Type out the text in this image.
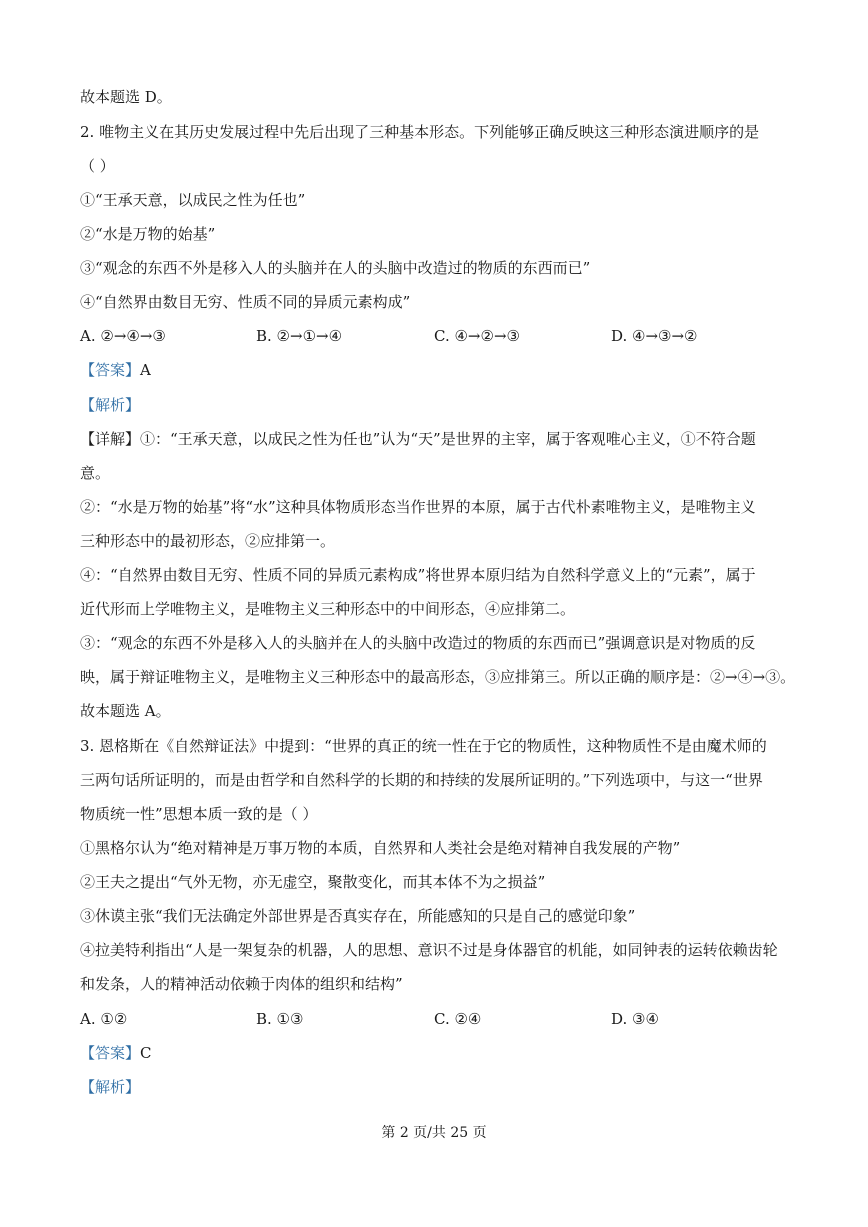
故本题选 D。
2. 唯物主义在其历史发展过程中先后出现了三种基本形态。下列能够正确反映这三种形态演进顺序的是
（ ）
①“王承天意，以成民之性为任也”
②“水是万物的始基”
③“观念的东西不外是移入人的头脑并在人的头脑中改造过的物质的东西而已”
④“自然界由数目无穷、性质不同的异质元素构成”
A. ②→④→③	B. ②→①→④	C. ④→②→③	D. ④→③→②
【答案】A
【解析】
【详解】①：“王承天意，以成民之性为任也”认为“天”是世界的主宰，属于客观唯心主义，①不符合题
意。
②：“水是万物的始基”将“水”这种具体物质形态当作世界的本原，属于古代朴素唯物主义，是唯物主义
三种形态中的最初形态，②应排第一。
④：“自然界由数目无穷、性质不同的异质元素构成”将世界本原归结为自然科学意义上的“元素”，属于
近代形而上学唯物主义，是唯物主义三种形态中的中间形态，④应排第二。
③：“观念的东西不外是移入人的头脑并在人的头脑中改造过的物质的东西而已”强调意识是对物质的反
映，属于辩证唯物主义，是唯物主义三种形态中的最高形态，③应排第三。所以正确的顺序是：②→④→③。
故本题选 A。
3. 恩格斯在《自然辩证法》中提到：“世界的真正的统一性在于它的物质性，这种物质性不是由魔术师的
三两句话所证明的，而是由哲学和自然科学的长期的和持续的发展所证明的。”下列选项中，与这一“世界
物质统一性”思想本质一致的是（ ）
①黑格尔认为“绝对精神是万事万物的本质，自然界和人类社会是绝对精神自我发展的产物”
②王夫之提出“气外无物，亦无虚空，聚散变化，而其本体不为之损益”
③休谟主张“我们无法确定外部世界是否真实存在，所能感知的只是自己的感觉印象”
④拉美特利指出“人是一架复杂的机器，人的思想、意识不过是身体器官的机能，如同钟表的运转依赖齿轮
和发条，人的精神活动依赖于肉体的组织和结构”
A. ①②	B. ①③	C. ②④	D. ③④
【答案】C
【解析】
第 2 页/共 25 页
